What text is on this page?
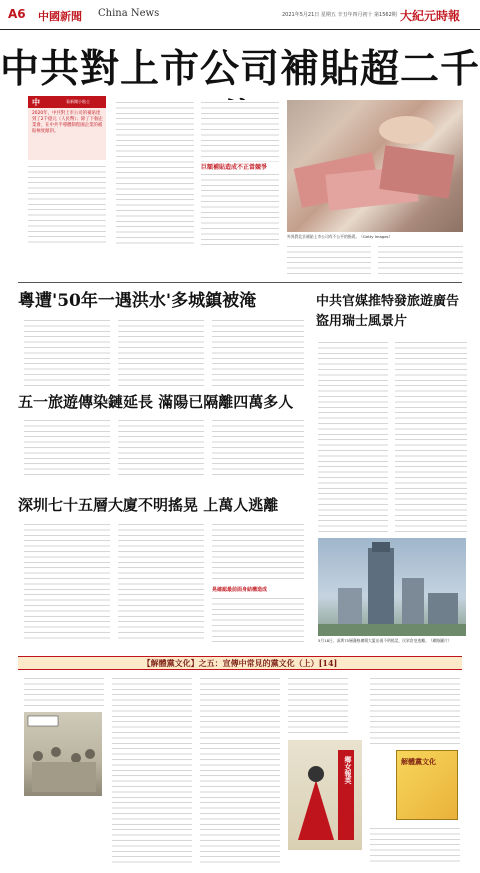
A6 中國新聞 China News	2021年5月21日 星期五 辛丑年四月初十 第1562期 大紀元時報
中共對上市公司補貼超二千
中	看新聞小貼士
2020年，中共對上市公司的補貼達到了2千億元（人民幣）；除了下個企業會，在中共半導體制程國企業的補貼極度傾斜。
巨額補貼造成不正當競爭
外界對北京補貼上市公司有不公平的指責。（Getty Images）
粵遭'50年一遇洪水'多城鎮被淹
五一旅遊傳染鏈延長 滿陽已隔離四萬多人
深圳七十五層大廈不明搖晃 上萬人逃離
晃確認最前面身結構造成
中共官媒推特發旅遊廣告 盜用瑞士風景片
5月18日，深圳75層賽格廣場大廈出現不明搖晃，民眾倉皇逃離。（網路圖片）
【解體黨文化】之五：宣傳中常見的黨文化（上）[14]
鄉女報英	解體黨文化
